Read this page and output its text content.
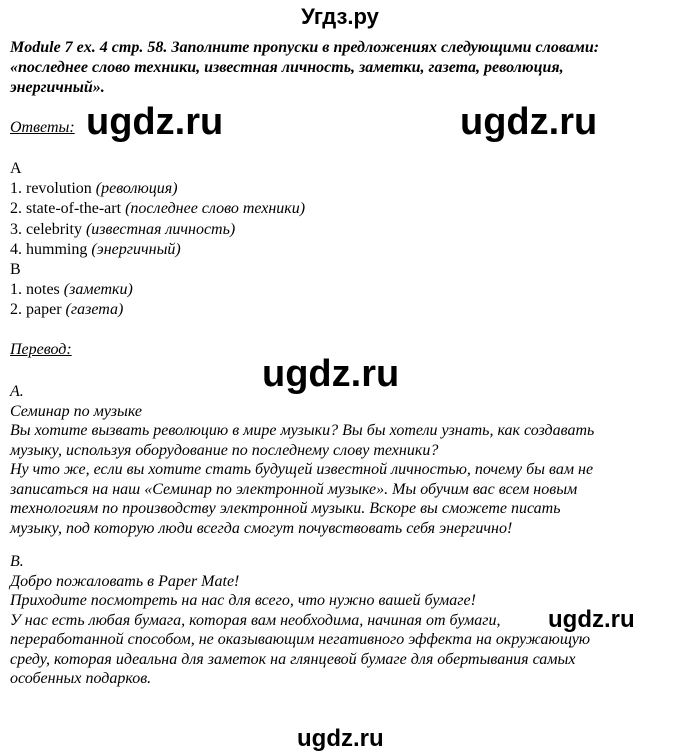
Угдз.ру
Module 7 ex. 4 стр. 58. Заполните пропуски в предложениях следующими словами:
«последнее слово техники, известная личность, заметки, газета, революция,
энергичный».
Ответы:
A
1. revolution (революция)
2. state-of-the-art (последнее слово техники)
3. celebrity (известная личность)
4. humming (энергичный)
B
1. notes (заметки)
2. paper (газета)
Перевод:
A.
Семинар по музыке
Вы хотите вызвать революцию в мире музыки? Вы бы хотели узнать, как создавать
музыку, используя оборудование по последнему слову техники?
Ну что же, если вы хотите стать будущей известной личностью, почему бы вам не
записаться на наш «Семинар по электронной музыке». Мы обучим вас всем новым
технологиям по производству электронной музыки. Вскоре вы сможете писать
музыку, под которую люди всегда смогут почувствовать себя энергично!
B.
Добро пожаловать в Paper Mate!
Приходите посмотреть на нас для всего, что нужно вашей бумаге!
У нас есть любая бумага, которая вам необходима, начиная от бумаги,
переработанной способом, не оказывающим негативного эффекта на окружающую
среду, которая идеальна для заметок на глянцевой бумаге для обертывания самых
особенных подарков.
ugdz.ru	ugdz.ru
ugdz.ru
ugdz.ru
ugdz.ru
